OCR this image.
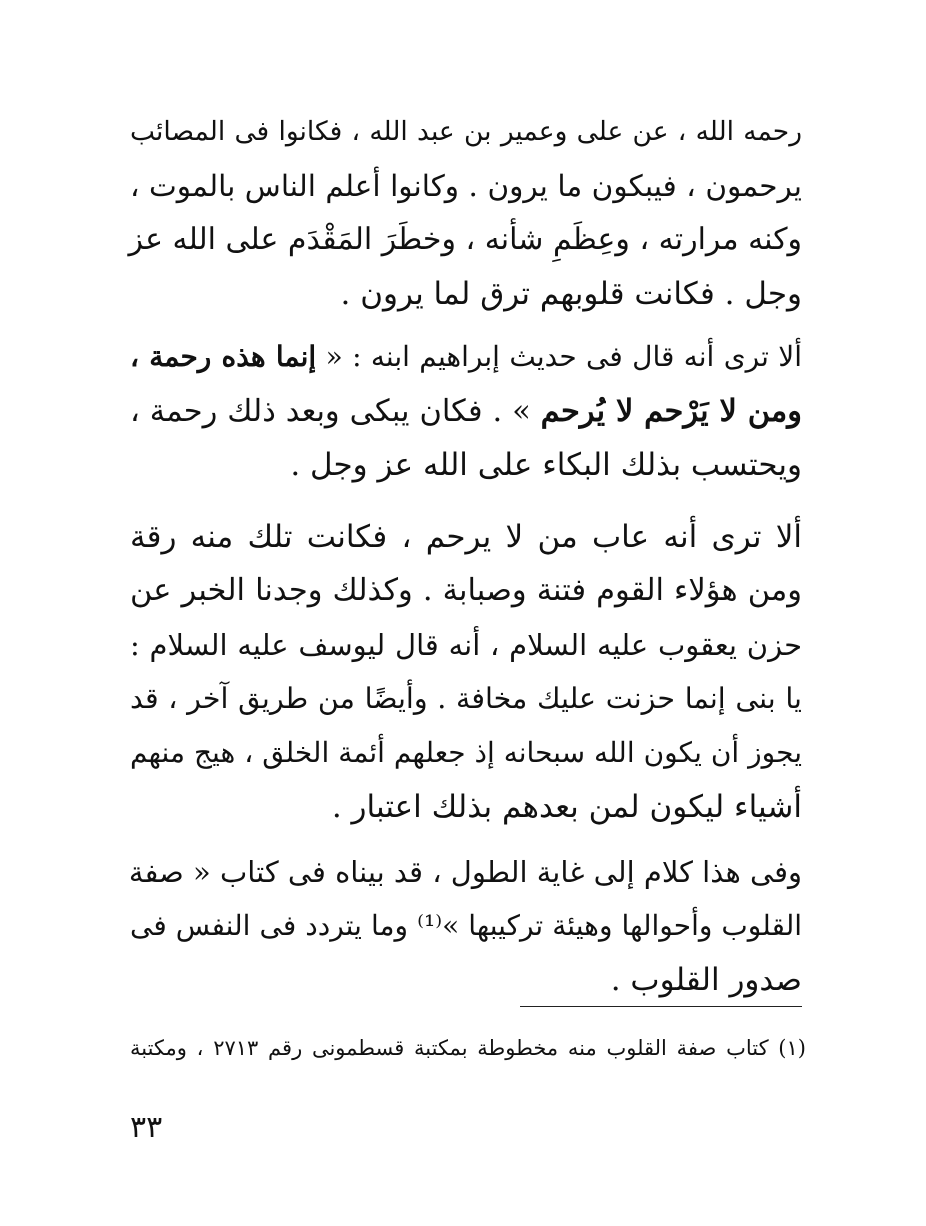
رحمه الله ، عن على وعمير بن عبد الله ، فكانوا فى المصائب
يرحمون ، فيبكون ما يرون . وكانوا أعلم الناس بالموت ،
وكنه مرارته ، وعِظَمِ شأنه ، وخطَرَ المَقْدَم على الله عز
وجل . فكانت قلوبهم ترق لما يرون .
ألا ترى أنه قال فى حديث إبراهيم ابنه : « إنما هذه رحمة ،
ومن لا يَرْحم لا يُرحم » . فكان يبكى وبعد ذلك رحمة ،
ويحتسب بذلك البكاء على الله عز وجل .
ألا ترى أنه عاب من لا يرحم ، فكانت تلك منه رقة
ومن هؤلاء القوم فتنة وصبابة . وكذلك وجدنا الخبر عن
حزن يعقوب عليه السلام ، أنه قال ليوسف عليه السلام :
يا بنى إنما حزنت عليك مخافة . وأيضًا من طريق آخر ، قد
يجوز أن يكون الله سبحانه إذ جعلهم أئمة الخلق ، هيج منهم
أشياء ليكون لمن بعدهم بذلك اعتبار .
وفى هذا كلام إلى غاية الطول ، قد بيناه فى كتاب « صفة
القلوب وأحوالها وهيئة تركيبها »⁽¹⁾ وما يتردد فى النفس فى
صدور القلوب .
(١) كتاب صفة القلوب منه مخطوطة بمكتبة قسطمونى رقم ٢٧١٣ ، ومكتبة
٣٣
